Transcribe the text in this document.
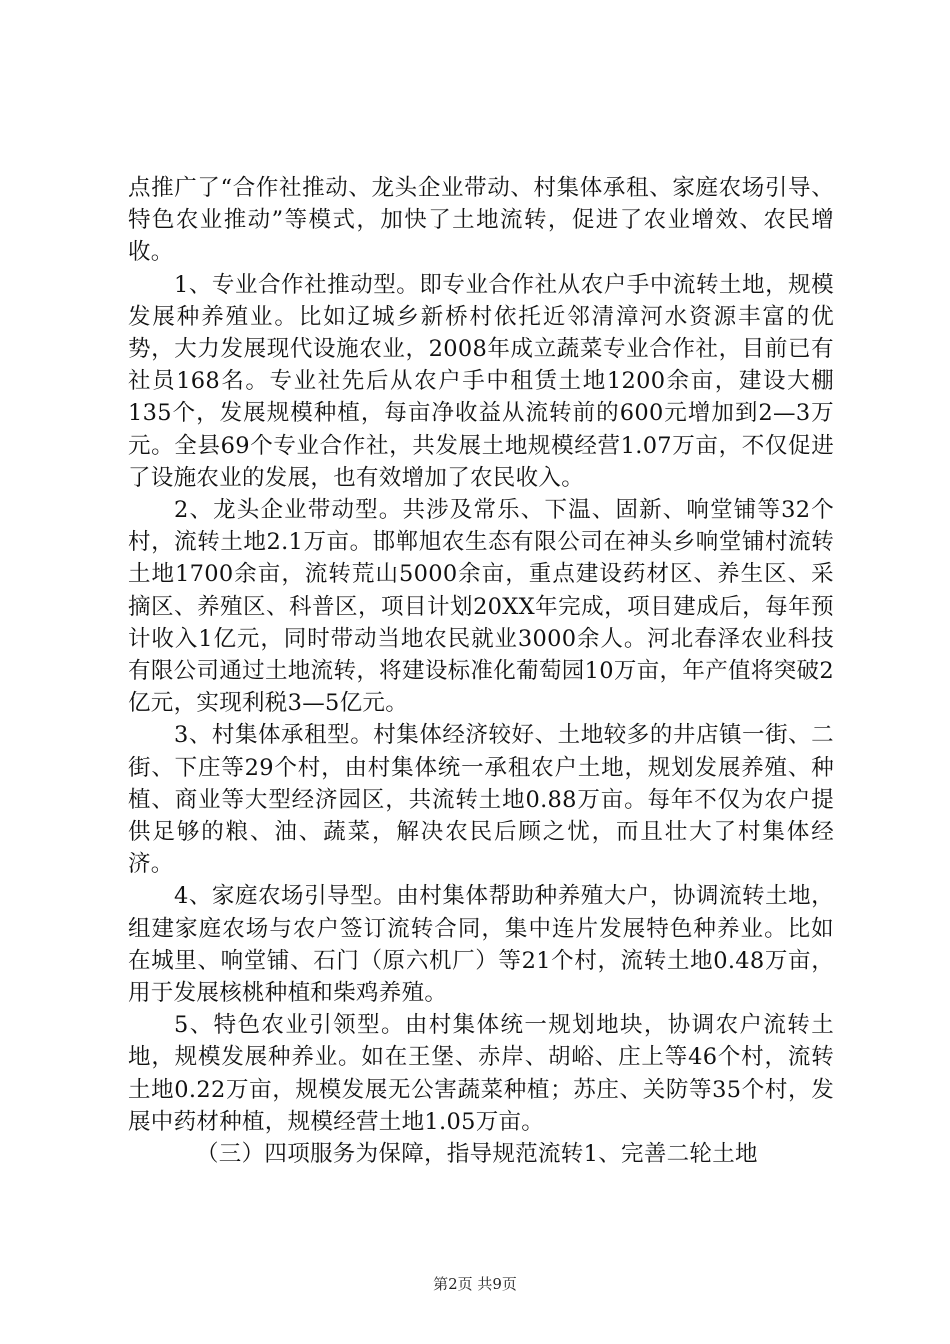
点推广了“合作社推动、龙头企业带动、村集体承租、家庭农场引导、特色农业推动”等模式，加快了土地流转，促进了农业增效、农民增收。

1、专业合作社推动型。即专业合作社从农户手中流转土地，规模发展种养殖业。比如辽城乡新桥村依托近邻清漳河水资源丰富的优势，大力发展现代设施农业，2008年成立蔬菜专业合作社，目前已有社员168名。专业社先后从农户手中租赁土地1200余亩，建设大棚135个，发展规模种植，每亩净收益从流转前的600元增加到2—3万元。全县69个专业合作社，共发展土地规模经营1.07万亩，不仅促进了设施农业的发展，也有效增加了农民收入。

2、龙头企业带动型。共涉及常乐、下温、固新、响堂铺等32个村，流转土地2.1万亩。邯郸旭农生态有限公司在神头乡响堂铺村流转土地1700余亩，流转荒山5000余亩，重点建设药材区、养生区、采摘区、养殖区、科普区，项目计划20XX年完成，项目建成后，每年预计收入1亿元，同时带动当地农民就业3000余人。河北春泽农业科技有限公司通过土地流转，将建设标准化葡萄园10万亩，年产值将突破2亿元，实现利税3—5亿元。

3、村集体承租型。村集体经济较好、土地较多的井店镇一街、二街、下庄等29个村，由村集体统一承租农户土地，规划发展养殖、种植、商业等大型经济园区，共流转土地0.88万亩。每年不仅为农户提供足够的粮、油、蔬菜，解决农民后顾之忧，而且壮大了村集体经济。

4、家庭农场引导型。由村集体帮助种养殖大户，协调流转土地，组建家庭农场与农户签订流转合同，集中连片发展特色种养业。比如在城里、响堂铺、石门（原六机厂）等21个村，流转土地0.48万亩，用于发展核桃种植和柴鸡养殖。

5、特色农业引领型。由村集体统一规划地块，协调农户流转土地，规模发展种养业。如在王堡、赤岸、胡峪、庄上等46个村，流转土地0.22万亩，规模发展无公害蔬菜种植；苏庄、关防等35个村，发展中药材种植，规模经营土地1.05万亩。

（三）四项服务为保障，指导规范流转1、完善二轮土地

第2页 共9页
